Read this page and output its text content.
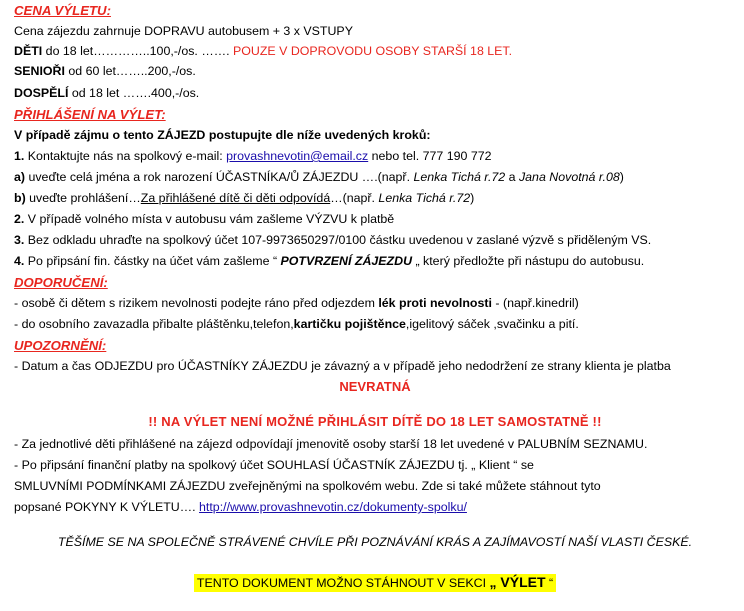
CENA VÝLETU:
Cena zájezdu zahrnuje DOPRAVU autobusem + 3 x VSTUPY
DĚTI do 18 let…………..100,-/os. ……. POUZE V DOPROVODU OSOBY STARŠÍ 18 LET.
SENIOŘI od 60 let……..200,-/os.
DOSPĚLÍ od 18 let …….400,-/os.
PŘIHLÁŠENÍ NA VÝLET:
V případě zájmu o tento ZÁJEZD postupujte dle níže uvedených kroků:
1. Kontaktujte nás na spolkový e-mail: provashnevotin@email.cz nebo tel. 777 190 772
a) uveďte celá jména a rok narození ÚČASTNÍKA/Ů ZÁJEZDU ….(např. Lenka Tichá r.72 a Jana Novotná r.08)
b) uveďte prohlášení…Za přihlášené dítě či děti odpovídá…(např. Lenka Tichá r.72)
2. V případě volného místa v autobusu vám zašleme VÝZVU k platbě
3. Bez odkladu uhraďte na spolkový účet 107-9973650297/0100 částku uvedenou v zaslané výzvě s přiděleným VS.
4. Po připsání fin. částky na účet vám zašleme “ POTVRZENÍ ZÁJEZDU „ který předložte při nástupu do autobusu.
DOPORUČENÍ:
- osobě či dětem s rizikem nevolnosti podejte ráno před odjezdem lék proti nevolnosti - (např.kinedril)
- do osobního zavazadla přibalte pláštěnku,telefon,kartičku pojištěnce,igelitový sáček ,svačinku a pití.
UPOZORNĚNÍ:
- Datum a čas ODJEZDU pro ÚČASTNÍKY ZÁJEZDU je závazný a v případě jeho nedodržení ze strany klienta je platba
NEVRATNÁ
!! NA VÝLET NENÍ MOŽNÉ PŘIHLÁSIT DÍTĚ DO 18 LET SAMOSTATNĚ !!
- Za jednotlivé děti přihlášené na zájezd odpovídají jmenovitě osoby starší 18 let uvedené v PALUBNÍM SEZNAMU.
- Po připsání finanční platby na spolkový účet SOUHLASÍ ÚČASTNÍK ZÁJEZDU tj. „ Klient “ se
SMLUVNÍMI PODMÍNKAMI ZÁJEZDU zveřejněnými na spolkovém webu. Zde si také můžete stáhnout tyto
popsané POKYNY K VÝLETU…. http://www.provashnevotin.cz/dokumenty-spolku/
TĚŠÍME SE NA SPOLEČNĚ STRÁVENÉ CHVÍLE PŘI POZNÁVÁNÍ KRÁS A ZAJÍMAVOSTÍ NAŠÍ VLASTI ČESKÉ.
TENTO DOKUMENT MOŽNO STÁHNOUT V SEKCI „ VÝLET “
